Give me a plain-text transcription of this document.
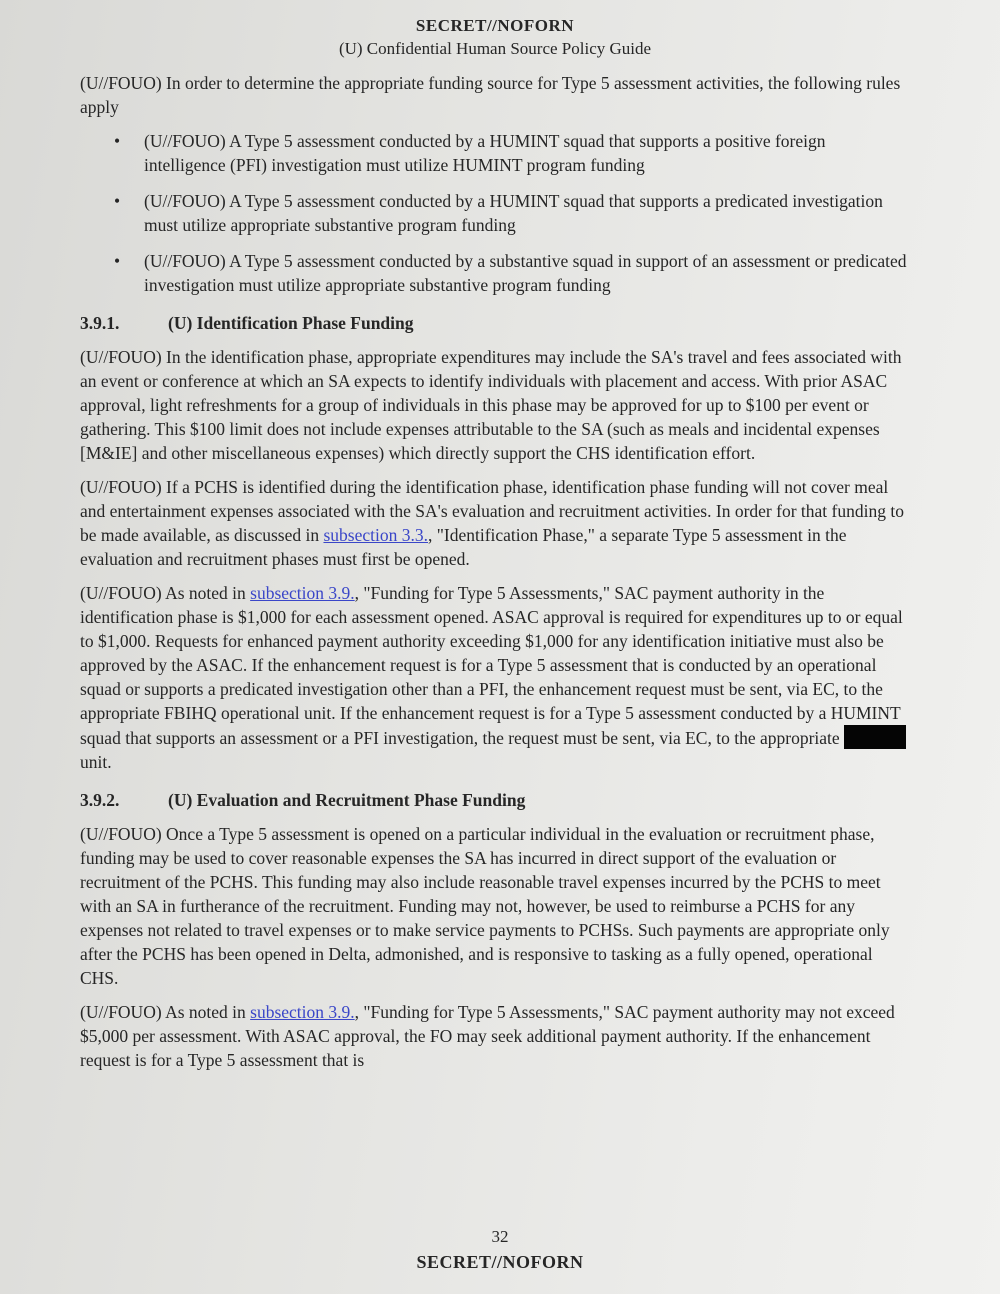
SECRET//NOFORN
(U) Confidential Human Source Policy Guide

(U//FOUO) In order to determine the appropriate funding source for Type 5 assessment activities, the following rules apply

• (U//FOUO) A Type 5 assessment conducted by a HUMINT squad that supports a positive foreign intelligence (PFI) investigation must utilize HUMINT program funding
• (U//FOUO) A Type 5 assessment conducted by a HUMINT squad that supports a predicated investigation must utilize appropriate substantive program funding
• (U//FOUO) A Type 5 assessment conducted by a substantive squad in support of an assessment or predicated investigation must utilize appropriate substantive program funding
3.9.1.	(U) Identification Phase Funding

(U//FOUO) In the identification phase, appropriate expenditures may include the SA's travel and fees associated with an event or conference at which an SA expects to identify individuals with placement and access. With prior ASAC approval, light refreshments for a group of individuals in this phase may be approved for up to $100 per event or gathering. This $100 limit does not include expenses attributable to the SA (such as meals and incidental expenses [M&IE] and other miscellaneous expenses) which directly support the CHS identification effort.

(U//FOUO) If a PCHS is identified during the identification phase, identification phase funding will not cover meal and entertainment expenses associated with the SA's evaluation and recruitment activities. In order for that funding to be made available, as discussed in subsection 3.3., "Identification Phase," a separate Type 5 assessment in the evaluation and recruitment phases must first be opened.

(U//FOUO) As noted in subsection 3.9., "Funding for Type 5 Assessments," SAC payment authority in the identification phase is $1,000 for each assessment opened. ASAC approval is required for expenditures up to or equal to $1,000. Requests for enhanced payment authority exceeding $1,000 for any identification initiative must also be approved by the ASAC. If the enhancement request is for a Type 5 assessment that is conducted by an operational squad or supports a predicated investigation other than a PFI, the enhancement request must be sent, via EC, to the appropriate FBIHQ operational unit. If the enhancement request is for a Type 5 assessment conducted by a HUMINT squad that supports an assessment or a PFI investigation, the request must be sent, via EC, to the appropriate  unit.

3.9.2.	(U) Evaluation and Recruitment Phase Funding

(U//FOUO) Once a Type 5 assessment is opened on a particular individual in the evaluation or recruitment phase, funding may be used to cover reasonable expenses the SA has incurred in direct support of the evaluation or recruitment of the PCHS. This funding may also include reasonable travel expenses incurred by the PCHS to meet with an SA in furtherance of the recruitment. Funding may not, however, be used to reimburse a PCHS for any expenses not related to travel expenses or to make service payments to PCHSs. Such payments are appropriate only after the PCHS has been opened in Delta, admonished, and is responsive to tasking as a fully opened, operational CHS.

(U//FOUO) As noted in subsection 3.9., "Funding for Type 5 Assessments," SAC payment authority may not exceed $5,000 per assessment. With ASAC approval, the FO may seek additional payment authority. If the enhancement request is for a Type 5 assessment that is

32
SECRET//NOFORN
